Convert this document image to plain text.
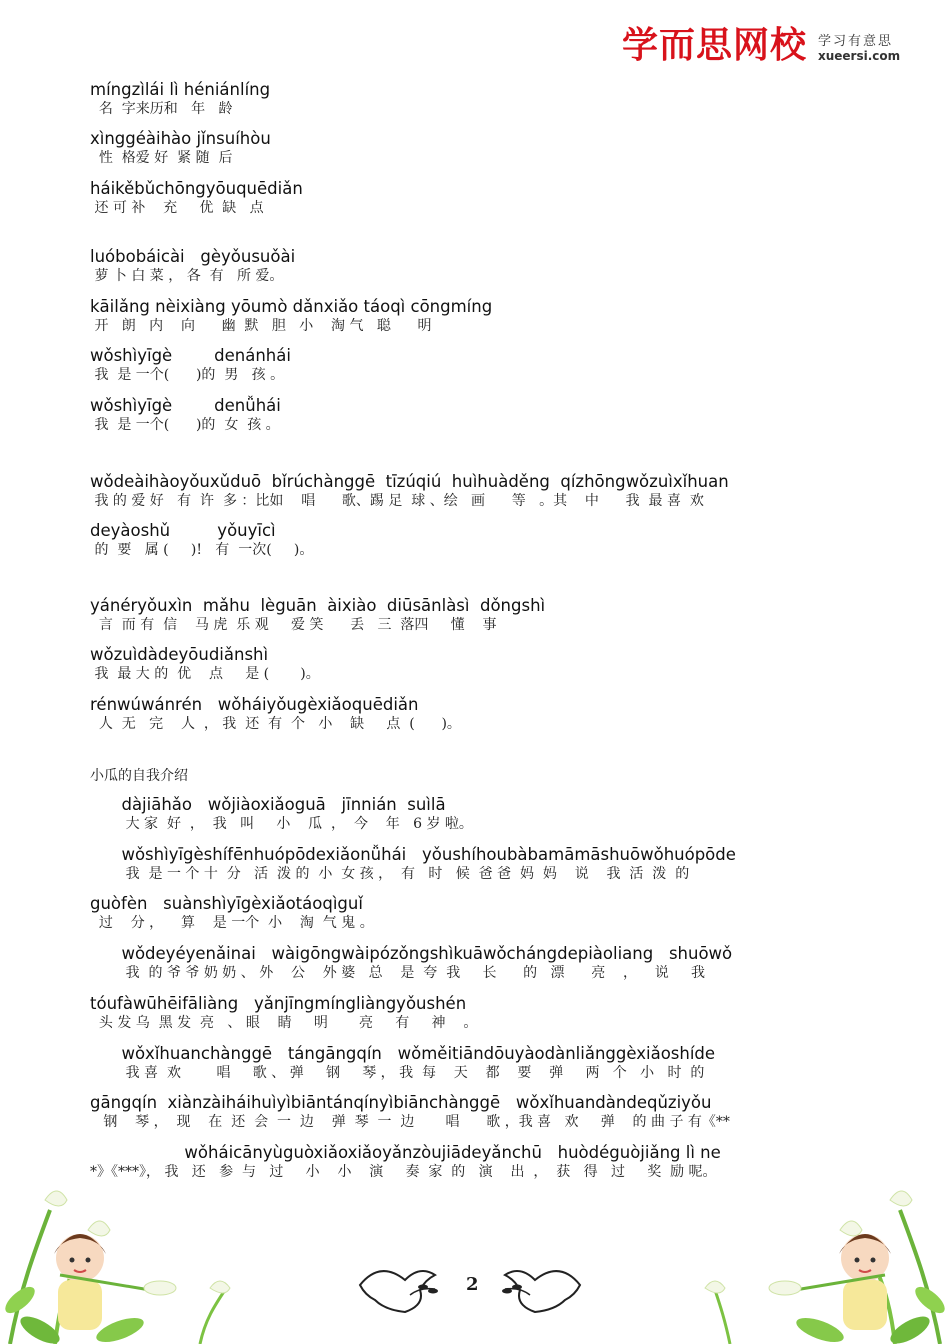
学而思网校 学习有意思
xueersi.com
míngzìlái lì héniánlíng
名  字来历和   年   龄
xìnggéàihào jǐnsuíhòu
性  格爱 好  紧 随  后
háikěbǔchōngyōuquēdiǎn
还 可 补    充     优  缺   点
luóbobáicài   gèyǒusuǒài
萝 卜 白 菜 ， 各  有   所 爱。
kāilǎng nèixiàng yōumò dǎnxiǎo táoqì cōngmíng
开   朗   内    向      幽  默   胆   小    淘 气   聪      明
wǒshìyīgè        denánhái
我  是 一个(      )的  男   孩 。
wǒshìyīgè        denǚhái
我  是 一个(      )的  女  孩 。
wǒdeàihàoyǒuxǔduō  bǐrúchànggē  tīzúqiú  huìhuàděng  qízhōngwǒzuìxǐhuan
我 的 爱 好   有  许  多 ：比如    唱      歌、踢 足  球 、绘   画      等   。其    中      我  最 喜  欢
deyàoshǔ         yǒuyīcì
的  要   属 (     )!   有  一次(     )。
yánéryǒuxìn  mǎhu  lèguān  àixiào  diūsānlàsì  dǒngshì
言  而 有  信    马 虎  乐 观     爱 笑      丢   三  落四     懂    事
wǒzuìdàdeyōudiǎnshì
我  最 大 的  优    点     是 (       )。
rénwúwánrén   wǒháiyǒugèxiǎoquēdiǎn
人  无   完    人  ， 我  还  有  个   小    缺     点  (      )。
小瓜的自我介绍
dàjiāhǎo   wǒjiàoxiǎoguā   jīnnián  suìlā
大 家  好  ，  我   叫     小    瓜  ，  今    年   6 岁 啦。
wǒshìyīgèshífēnhuópōdexiǎonǚhái   yǒushíhoubàbamāmāshuōwǒhuópōde
我  是 一 个 十  分   活  泼 的  小  女 孩 ，  有   时   候  爸 爸  妈  妈    说    我  活  泼  的
guòfèn   suànshìyīgèxiǎotáoqìguǐ
过    分 ，    算    是 一个  小    淘  气 鬼 。
wǒdeyéyenǎinai   wàigōngwàipózǒngshìkuāwǒchángdepiàoliang   shuōwǒ
我  的 爷 爷 奶 奶 、 外    公    外 婆   总    是  夸  我     长      的   漂      亮    ，    说     我
tóufàwūhēifāliàng   yǎnjīngmíngliàngyǒushén
头 发 乌  黑 发  亮   、 眼    睛     明       亮     有     神    。
wǒxǐhuanchànggē   tángāngqín   wǒměitiāndōuyàodànliǎnggèxiǎoshíde
我 喜  欢        唱     歌 、 弹     钢     琴 ， 我  每    天    都    要    弹     两   个   小   时  的
gāngqín  xiànzàiháihuìyìbiāntánqínyìbiānchànggē   wǒxǐhuandàndeqǔziyǒu
钢    琴 ，  现    在  还  会  一  边    弹  琴  一  边       唱      歌 ，我 喜   欢     弹    的 曲 子 有《**
wǒháicānyùguòxiǎoxiǎoyǎnzòujiādeyǎnchū   huòdéguòjiǎng lì ne
*》《***》， 我   还   参  与   过     小    小    演     奏  家  的   演    出  ，  获   得   过     奖  励 呢。
2
